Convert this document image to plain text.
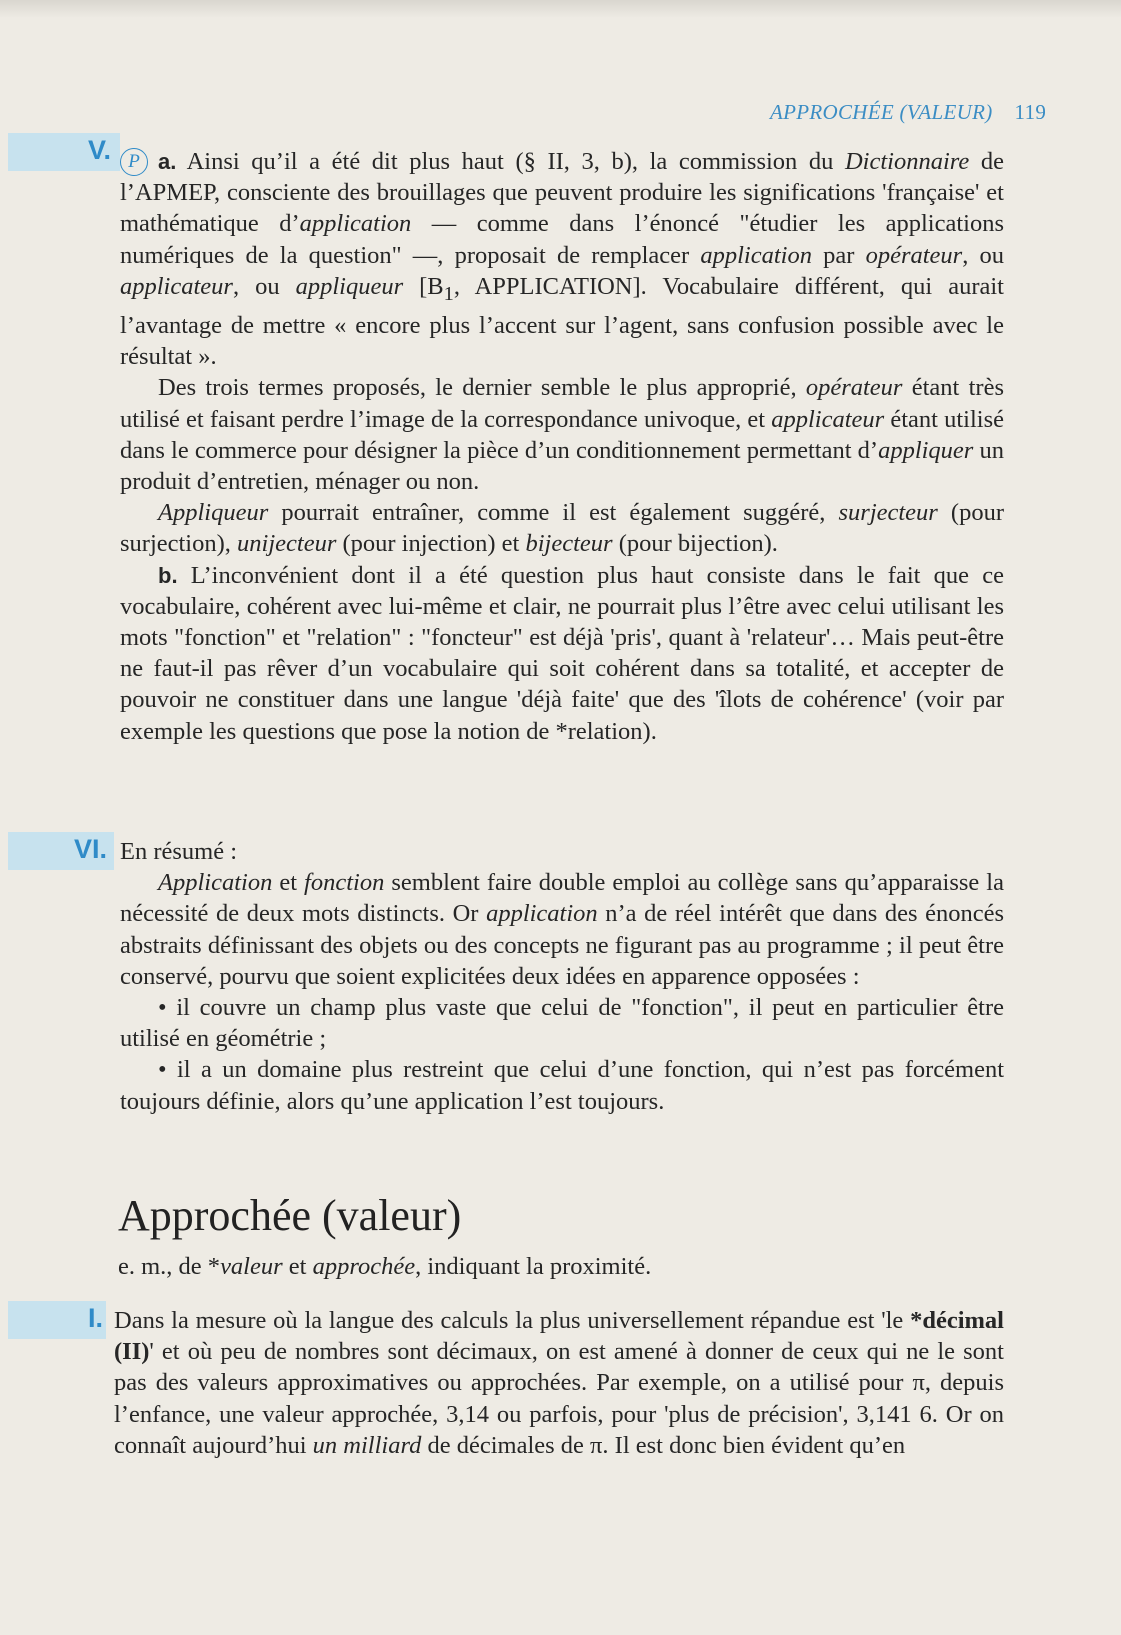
APPROCHÉE (VALEUR) 119
V. P a. Ainsi qu’il a été dit plus haut (§ II, 3, b), la commission du Dictionnaire de l’APMEP, consciente des brouillages que peuvent produire les significations 'française' et mathématique d’application — comme dans l’énoncé "étudier les applications numériques de la question" —, proposait de remplacer application par opérateur, ou applicateur, ou appliqueur [$B_1$, APPLICATION]. Vocabulaire différent, qui aurait l’avantage de mettre « encore plus l’accent sur l’agent, sans confusion possible avec le résultat ».

Des trois termes proposés, le dernier semble le plus approprié, opérateur étant très utilisé et faisant perdre l’image de la correspondance univoque, et applicateur étant utilisé dans le commerce pour désigner la pièce d’un conditionnement permettant d’appliquer un produit d’entretien, ménager ou non.

Appliqueur pourrait entraîner, comme il est également suggéré, surjecteur (pour surjection), unijecteur (pour injection) et bijecteur (pour bijection).

b. L’inconvénient dont il a été question plus haut consiste dans le fait que ce vocabulaire, cohérent avec lui-même et clair, ne pourrait plus l’être avec celui utilisant les mots "fonction" et "relation" : "foncteur" est déjà 'pris', quant à 'relateur'… Mais peut-être ne faut-il pas rêver d’un vocabulaire qui soit cohérent dans sa totalité, et accepter de pouvoir ne constituer dans une langue 'déjà faite' que des 'îlots de cohérence' (voir par exemple les questions que pose la notion de *relation).

VI. En résumé :

Application et fonction semblent faire double emploi au collège sans qu’apparaisse la nécessité de deux mots distincts. Or application n’a de réel intérêt que dans des énoncés abstraits définissant des objets ou des concepts ne figurant pas au programme ; il peut être conservé, pourvu que soient explicitées deux idées en apparence opposées :

• il couvre un champ plus vaste que celui de "fonction", il peut en particulier être utilisé en géométrie ;

• il a un domaine plus restreint que celui d’une fonction, qui n’est pas forcément toujours définie, alors qu’une application l’est toujours.

Approchée (valeur)
e. m., de *valeur et approchée, indiquant la proximité.
I. Dans la mesure où la langue des calculs la plus universellement répandue est 'le *décimal (II)' et où peu de nombres sont décimaux, on est amené à donner de ceux qui ne le sont pas des valeurs approximatives ou approchées. Par exemple, on a utilisé pour π, depuis l’enfance, une valeur approchée, 3,14 ou parfois, pour 'plus de précision', 3,141 6. Or on connaît aujourd’hui un milliard de décimales de π. Il est donc bien évident qu’en
